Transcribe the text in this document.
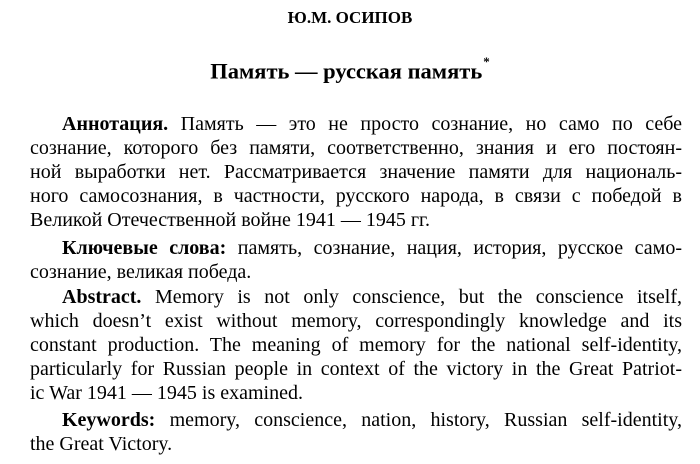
Ю.М. ОСИПОВ
Память — русская память*
Аннотация. Память — это не просто сознание, но само по себе
сознание, которого без памяти, соответственно, знания и его постоян-
ной выработки нет. Рассматривается значение памяти для националь-
ного самосознания, в частности, русского народа, в связи с победой в
Великой Отечественной войне 1941 — 1945 гг.
Ключевые слова: память, сознание, нация, история, русское само-
сознание, великая победа.
Abstract. Memory is not only conscience, but the conscience itself,
which doesn’t exist without memory, correspondingly knowledge and its
constant production. The meaning of memory for the national self-identity,
particularly for Russian people in context of the victory in the Great Patriot-
ic War 1941 — 1945 is examined.
Keywords: memory, conscience, nation, history, Russian self-identity,
the Great Victory.
